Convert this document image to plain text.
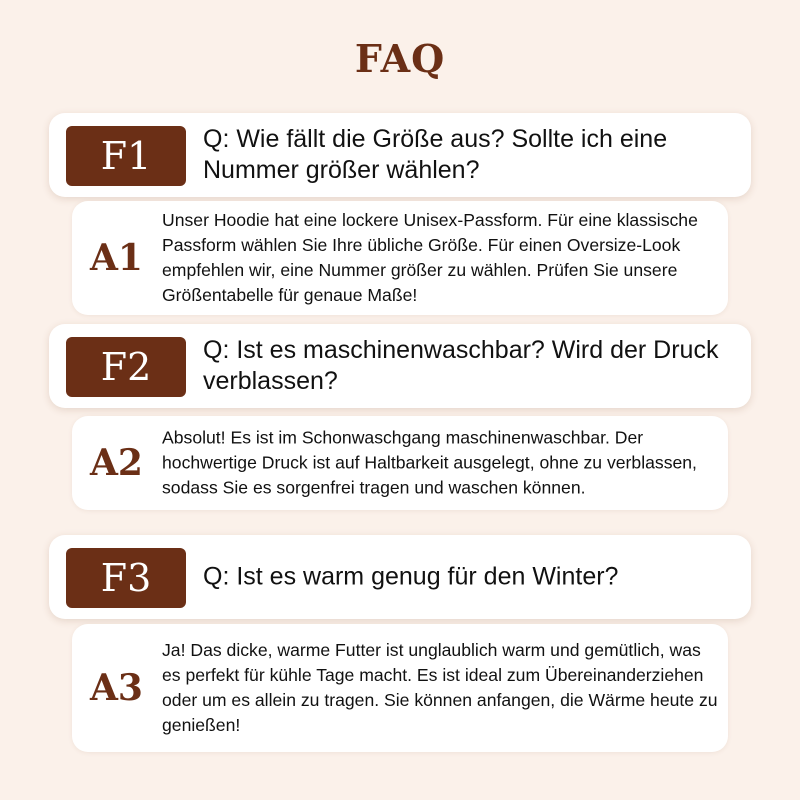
FAQ
F1	Q: Wie fällt die Größe aus? Sollte ich eine Nummer größer wählen?
A1
Unser Hoodie hat eine lockere Unisex-Passform. Für eine klassische Passform wählen Sie Ihre übliche Größe. Für einen Oversize-Look empfehlen wir, eine Nummer größer zu wählen. Prüfen Sie unsere Größentabelle für genaue Maße!
F2	Q: Ist es maschinenwaschbar? Wird der Druck verblassen?
A2
Absolut! Es ist im Schonwaschgang maschinenwaschbar. Der hochwertige Druck ist auf Haltbarkeit ausgelegt, ohne zu verblassen, sodass Sie es sorgenfrei tragen und waschen können.
F3	Q: Ist es warm genug für den Winter?
A3
Ja! Das dicke, warme Futter ist unglaublich warm und gemütlich, was es perfekt für kühle Tage macht. Es ist ideal zum Übereinanderziehen oder um es allein zu tragen. Sie können anfangen, die Wärme heute zu genießen!
